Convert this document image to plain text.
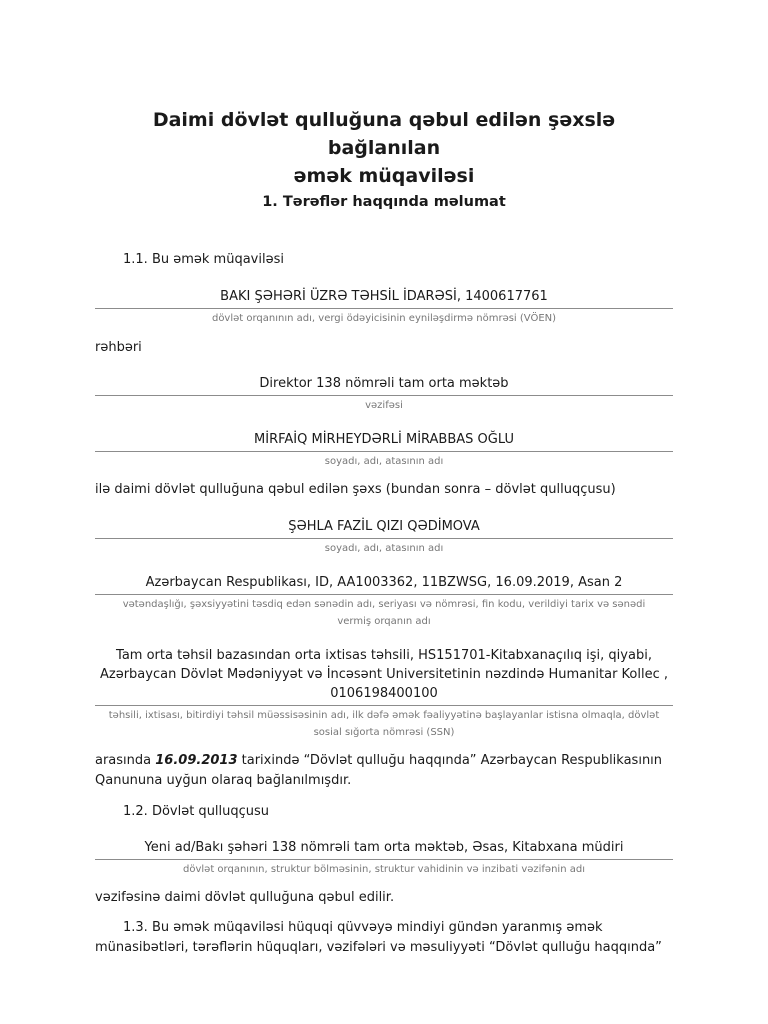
Daimi dövlət qulluğuna qəbul edilən şəxslə bağlanılan
əmək müqaviləsi
1. Tərəflər haqqında məlumat

1.1. Bu əmək müqaviləsi

BAKI ŞƏHƏRİ ÜZRƏ TƏHSİL İDARƏSİ, 1400617761
dövlət orqanının adı, vergi ödəyicisinin eyniləşdirmə nömrəsi (VÖEN)

rəhbəri

Direktor 138 nömrəli tam orta məktəb
vəzifəsi
MİRFAİQ MİRHEYDƏRLİ MİRABBAS OĞLU
soyadı, adı, atasının adı

ilə daimi dövlət qulluğuna qəbul edilən şəxs (bundan sonra – dövlət qulluqçusu)

ŞƏHLA FAZİL QIZI QƏDİMOVA
soyadı, adı, atasının adı
Azərbaycan Respublikası, ID, AA1003362, 11BZWSG, 16.09.2019, Asan 2
vətəndaşlığı, şəxsiyyətini təsdiq edən sənədin adı, seriyası və nömrəsi, fin kodu, verildiyi tarix və sənədi
vermiş orqanın adı
Tam orta təhsil bazasından orta ixtisas təhsili, HS151701-Kitabxanaçılıq işi, qiyabi,
Azərbaycan Dövlət Mədəniyyət və İncəsənt Universitetinin nəzdində Humanitar Kollec ,
0106198400100
təhsili, ixtisası, bitirdiyi təhsil müəssisəsinin adı, ilk dəfə əmək fəaliyyətinə başlayanlar istisna olmaqla, dövlət
sosial sığorta nömrəsi (SSN)

arasında 16.09.2013 tarixində “Dövlət qulluğu haqqında” Azərbaycan Respublikasının
Qanununa uyğun olaraq bağlanılmışdır.

1.2. Dövlət qulluqçusu

Yeni ad/Bakı şəhəri 138 nömrəli tam orta məktəb, Əsas, Kitabxana müdiri
dövlət orqanının, struktur bölməsinin, struktur vahidinin və inzibati vəzifənin adı

vəzifəsinə daimi dövlət qulluğuna qəbul edilir.

1.3. Bu əmək müqaviləsi hüquqi qüvvəyə mindiyi gündən yaranmış əmək
münasibətləri, tərəflərin hüquqları, vəzifələri və məsuliyyəti “Dövlət qulluğu haqqında”
